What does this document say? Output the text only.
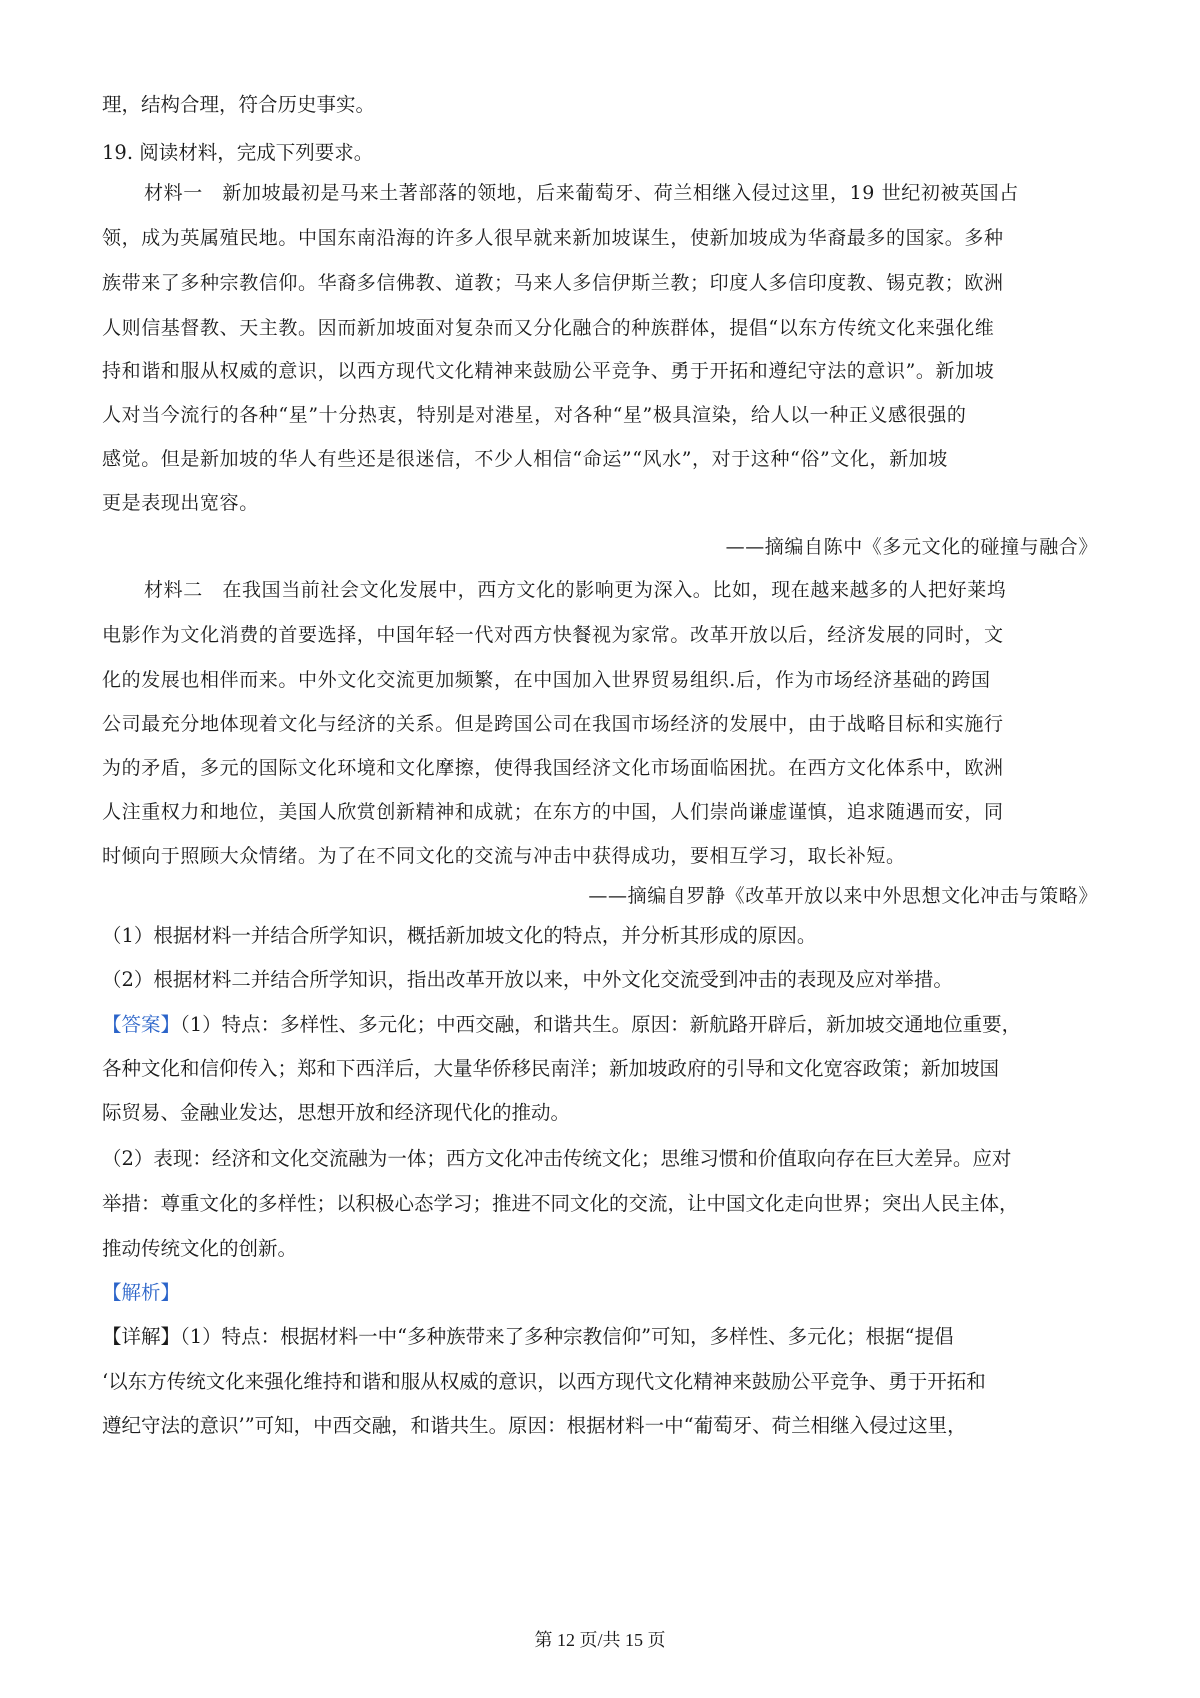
理，结构合理，符合历史事实。
19. 阅读材料，完成下列要求。
材料一　新加坡最初是马来土著部落的领地，后来葡萄牙、荷兰相继入侵过这里，19 世纪初被英国占
领，成为英属殖民地。中国东南沿海的许多人很早就来新加坡谋生，使新加坡成为华裔最多的国家。多种
族带来了多种宗教信仰。华裔多信佛教、道教；马来人多信伊斯兰教；印度人多信印度教、锡克教；欧洲
人则信基督教、天主教。因而新加坡面对复杂而又分化融合的种族群体，提倡“以东方传统文化来强化维
持和谐和服从权威的意识，以西方现代文化精神来鼓励公平竞争、勇于开拓和遵纪守法的意识”。新加坡
人对当今流行的各种“星”十分热衷，特别是对港星，对各种“星”极具渲染，给人以一种正义感很强的
感觉。但是新加坡的华人有些还是很迷信，不少人相信“命运”“风水”，对于这种“俗”文化，新加坡
更是表现出宽容。
——摘编自陈中《多元文化的碰撞与融合》
材料二　在我国当前社会文化发展中，西方文化的影响更为深入。比如，现在越来越多的人把好莱坞
电影作为文化消费的首要选择，中国年轻一代对西方快餐视为家常。改革开放以后，经济发展的同时，文
化的发展也相伴而来。中外文化交流更加频繁，在中国加入世界贸易组织.后，作为市场经济基础的跨国
公司最充分地体现着文化与经济的关系。但是跨国公司在我国市场经济的发展中，由于战略目标和实施行
为的矛盾，多元的国际文化环境和文化摩擦，使得我国经济文化市场面临困扰。在西方文化体系中，欧洲
人注重权力和地位，美国人欣赏创新精神和成就；在东方的中国，人们崇尚谦虚谨慎，追求随遇而安，同
时倾向于照顾大众情绪。为了在不同文化的交流与冲击中获得成功，要相互学习，取长补短。
——摘编自罗静《改革开放以来中外思想文化冲击与策略》
（1）根据材料一并结合所学知识，概括新加坡文化的特点，并分析其形成的原因。
（2）根据材料二并结合所学知识，指出改革开放以来，中外文化交流受到冲击的表现及应对举措。
【答案】（1）特点：多样性、多元化；中西交融，和谐共生。原因：新航路开辟后，新加坡交通地位重要，
各种文化和信仰传入；郑和下西洋后，大量华侨移民南洋；新加坡政府的引导和文化宽容政策；新加坡国
际贸易、金融业发达，思想开放和经济现代化的推动。
（2）表现：经济和文化交流融为一体；西方文化冲击传统文化；思维习惯和价值取向存在巨大差异。应对
举措：尊重文化的多样性；以积极心态学习；推进不同文化的交流，让中国文化走向世界；突出人民主体，
推动传统文化的创新。
【解析】
【详解】（1）特点：根据材料一中“多种族带来了多种宗教信仰”可知，多样性、多元化；根据“提倡
‘以东方传统文化来强化维持和谐和服从权威的意识，以西方现代文化精神来鼓励公平竞争、勇于开拓和
遵纪守法的意识’”可知，中西交融，和谐共生。原因：根据材料一中“葡萄牙、荷兰相继入侵过这里，
第 12 页/共 15 页
